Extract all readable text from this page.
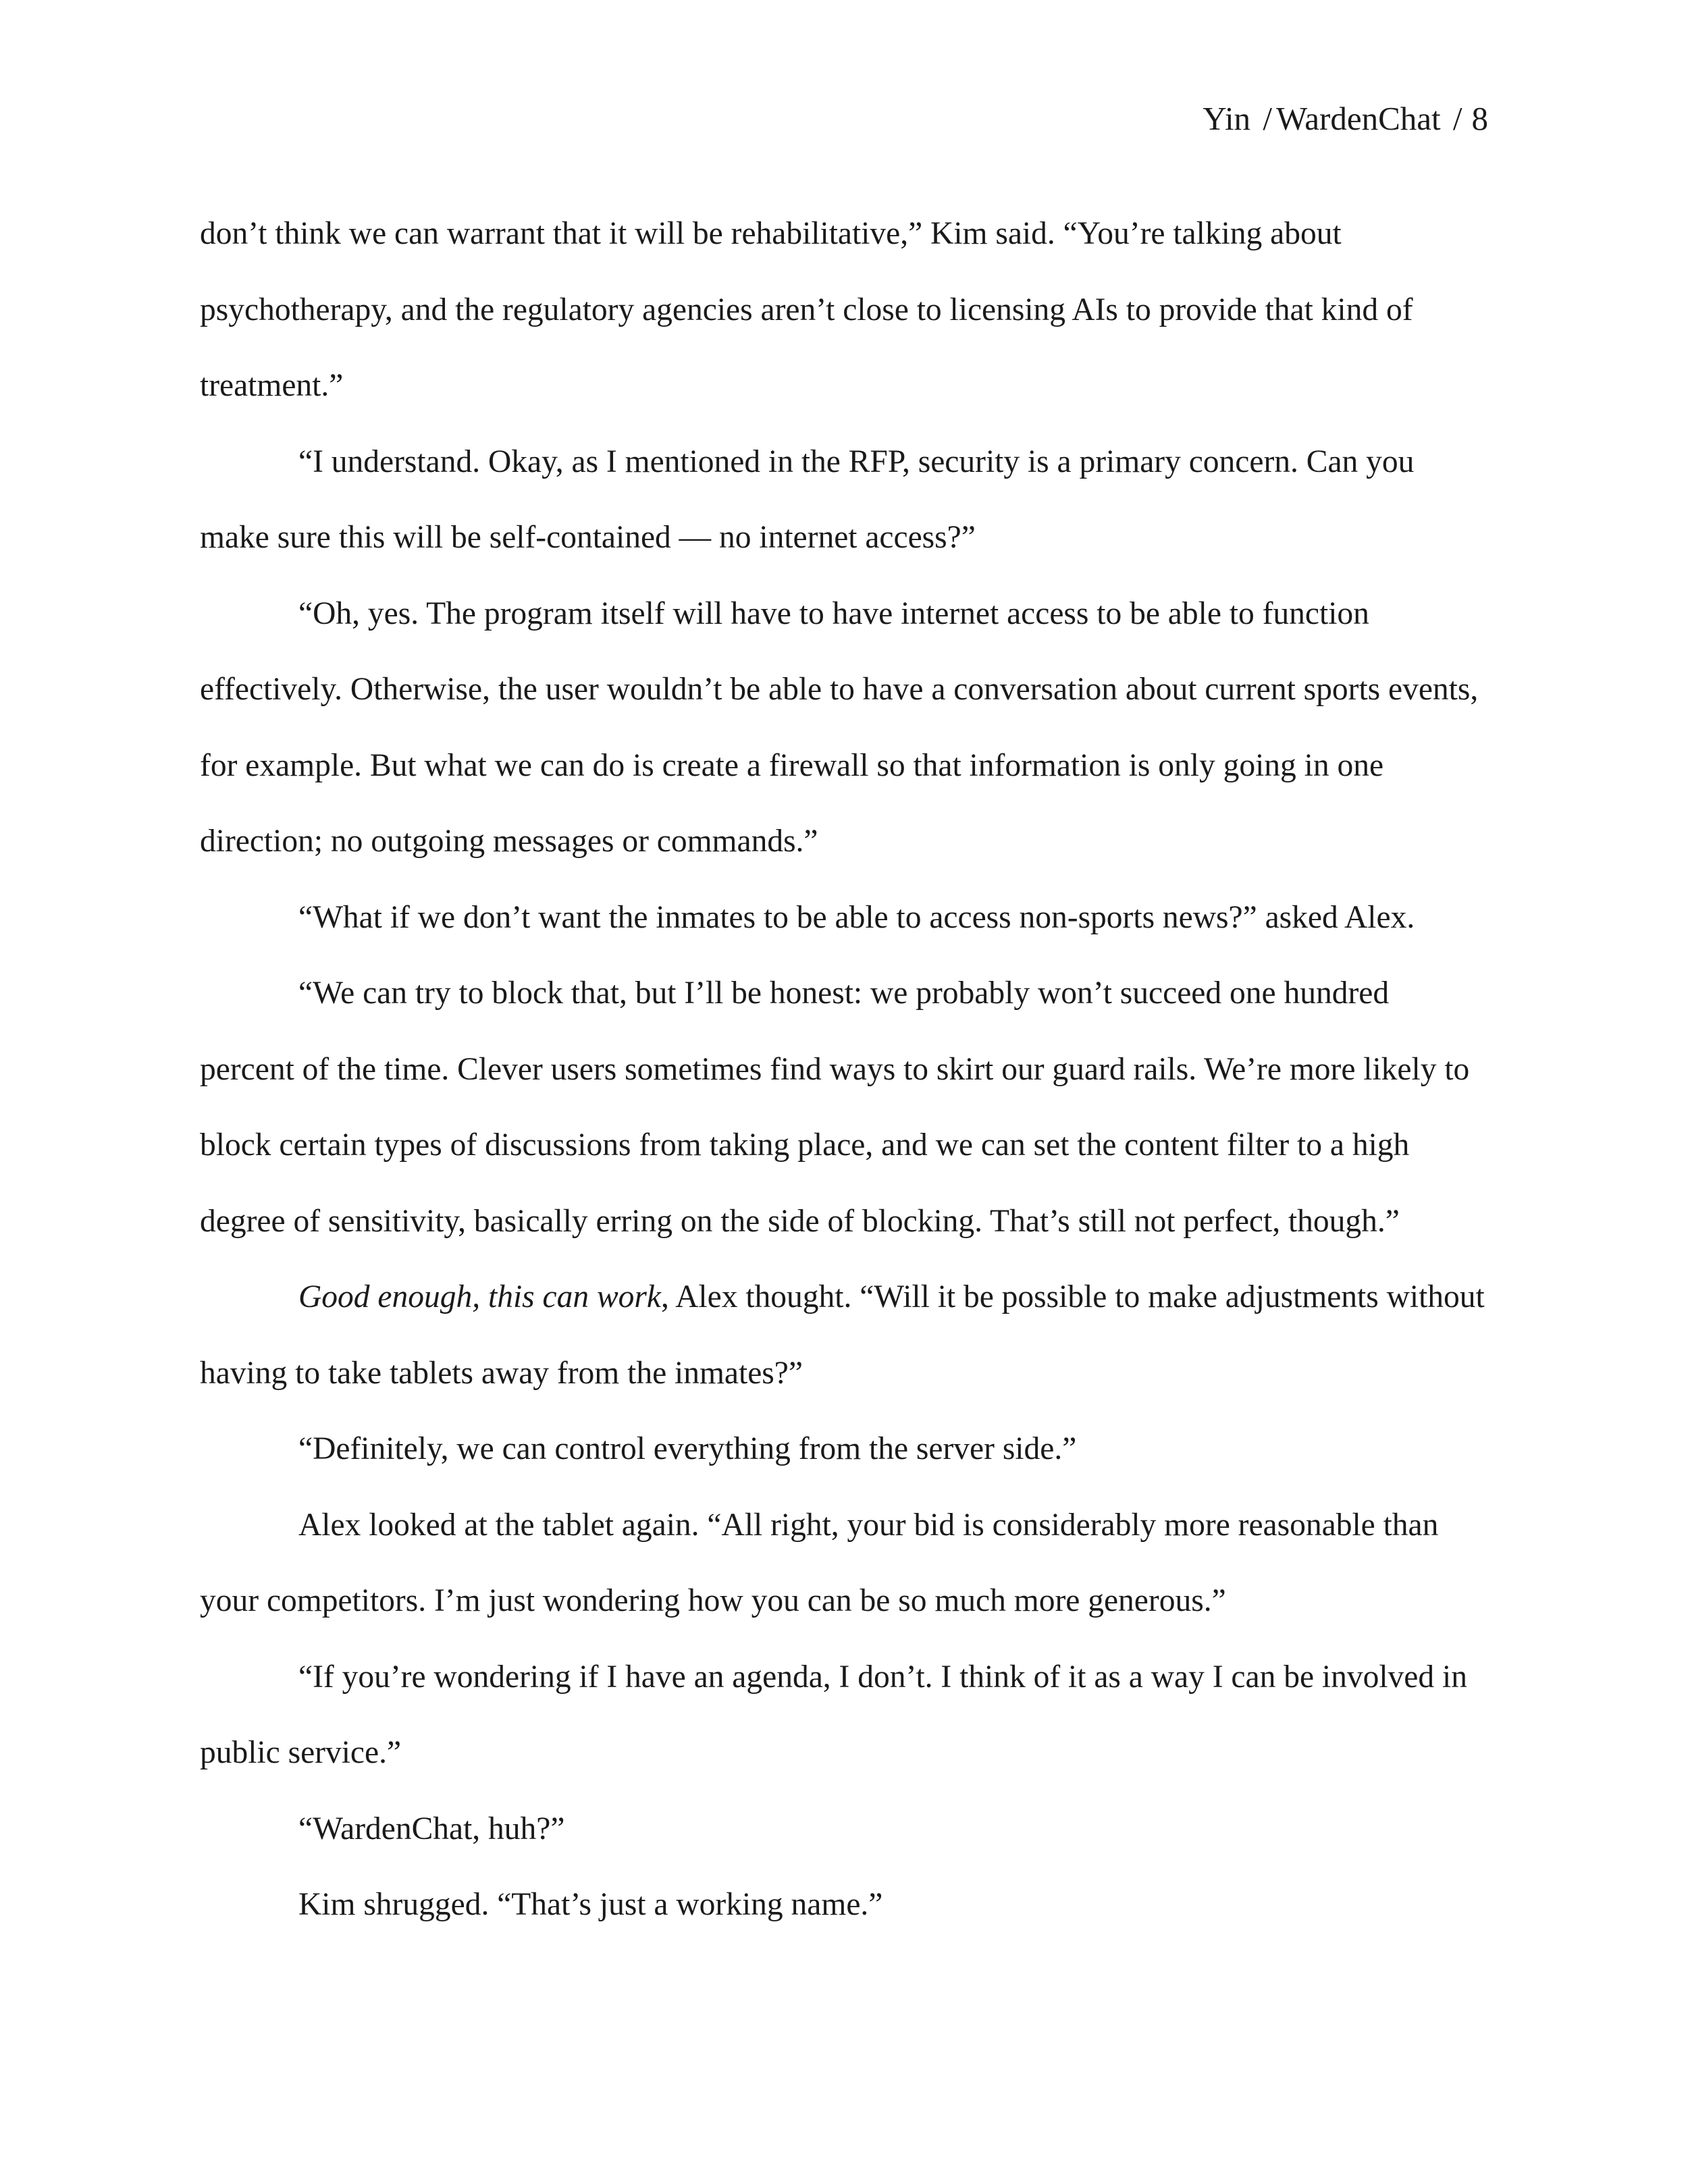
Yin / WardenChat / 8

don’t think we can warrant that it will be rehabilitative,” Kim said. “You’re talking about psychotherapy, and the regulatory agencies aren’t close to licensing AIs to provide that kind of treatment.”

“I understand. Okay, as I mentioned in the RFP, security is a primary concern. Can you make sure this will be self-contained — no internet access?”

“Oh, yes. The program itself will have to have internet access to be able to function effectively. Otherwise, the user wouldn’t be able to have a conversation about current sports events, for example. But what we can do is create a firewall so that information is only going in one direction; no outgoing messages or commands.”

“What if we don’t want the inmates to be able to access non-sports news?” asked Alex.

“We can try to block that, but I’ll be honest: we probably won’t succeed one hundred percent of the time. Clever users sometimes find ways to skirt our guard rails. We’re more likely to block certain types of discussions from taking place, and we can set the content filter to a high degree of sensitivity, basically erring on the side of blocking. That’s still not perfect, though.”

Good enough, this can work, Alex thought. “Will it be possible to make adjustments without having to take tablets away from the inmates?”

“Definitely, we can control everything from the server side.”

Alex looked at the tablet again. “All right, your bid is considerably more reasonable than your competitors. I’m just wondering how you can be so much more generous.”

“If you’re wondering if I have an agenda, I don’t. I think of it as a way I can be involved in public service.”

“WardenChat, huh?”

Kim shrugged. “That’s just a working name.”
